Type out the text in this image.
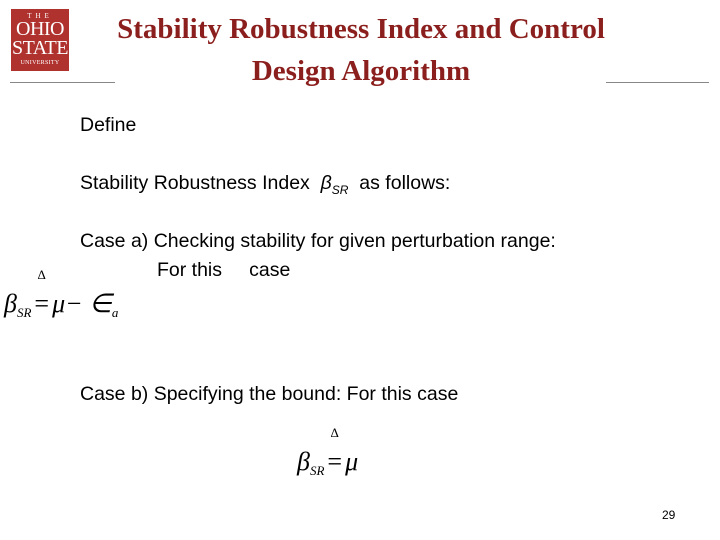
THE
OHIO
STATE
UNIVERSITY
Stability Robustness Index and Control
Design Algorithm
Define
Stability Robustness Index $\beta_{SR}$ as follows:
Case a) Checking stability for given perturbation range:
For this     case
$\beta_{SR}$
Δ
= $\mu- \in_a$
Case b) Specifying the bound: For this case
$\beta_{SR}$
Δ
= μ
29
